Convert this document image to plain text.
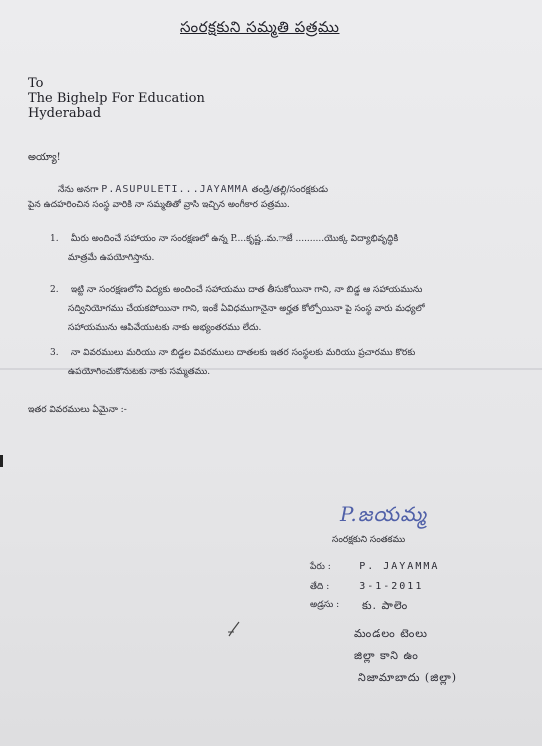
సంరక్షకుని సమ్మతి పత్రము
To
The Bighelp For Education
Hyderabad
అయ్యా!
నేను అనగా P.ASUPULETI...JAYAMMA తండ్రి/తల్లి/సంరక్షకుడు
పైన ఉదహరించిన సంస్థ వారికి నా సమ్మతితో వ్రాసి ఇచ్చిన అంగీకార పత్రము.
1. మీరు అందించే సహాయం నా సంరక్షణలో ఉన్న P....కృష్ణ..మ.ాజే ..........యొక్క విద్యాభివృద్ధికి
మాత్రమే ఉపయోగిస్తాను.
2. ఇట్టి నా సంరక్షణలోని విద్యకు అందించే సహాయము దాత తీసుకోయినా గాని, నా బిడ్డ ఆ సహాయమును
సద్వినియోగము చేయకపోయినా గాని, ఇంకే ఏవిధముగానైనా అర్హత కోల్పోయినా పై సంస్థ వారు మధ్యలో
సహాయమును ఆపివేయుటకు నాకు అభ్యంతరము లేదు.
3. నా వివరములు మరియు నా బిడ్డల వివరములు దాతలకు ఇతర సంస్థలకు మరియు ప్రచారము కొరకు
ఉపయోగించుకొనుటకు నాకు సమ్మతము.
ఇతర వివరములు ఏమైనా :-
P.జయమ్మ
సంరక్షకుని సంతకము
పేరు :	P. JAYAMMA
తేది :	3-1-2011
అడ్రసు :	కు. పాలెం
మండలం టెంలు
జిల్లా కాని ఉం
నిజామాబాదు (జిల్లా)
